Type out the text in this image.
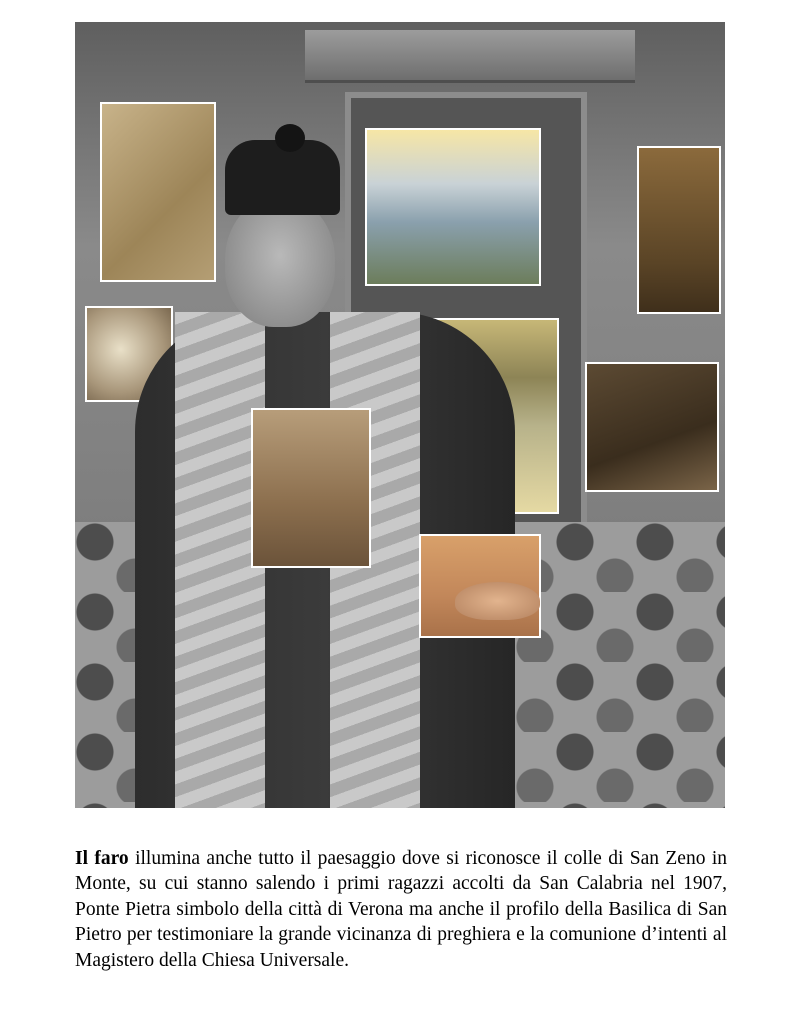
Il faro illumina anche tutto il paesaggio dove si riconosce il colle di San Zeno in Monte, su cui stanno salendo i primi ragazzi accolti da San Calabria nel 1907, Ponte Pietra simbolo della città di Verona ma anche il profilo della Basilica di San Pietro per testimoniare la grande vicinanza di preghiera e la comunione d’intenti al Magistero della Chiesa Universale.
